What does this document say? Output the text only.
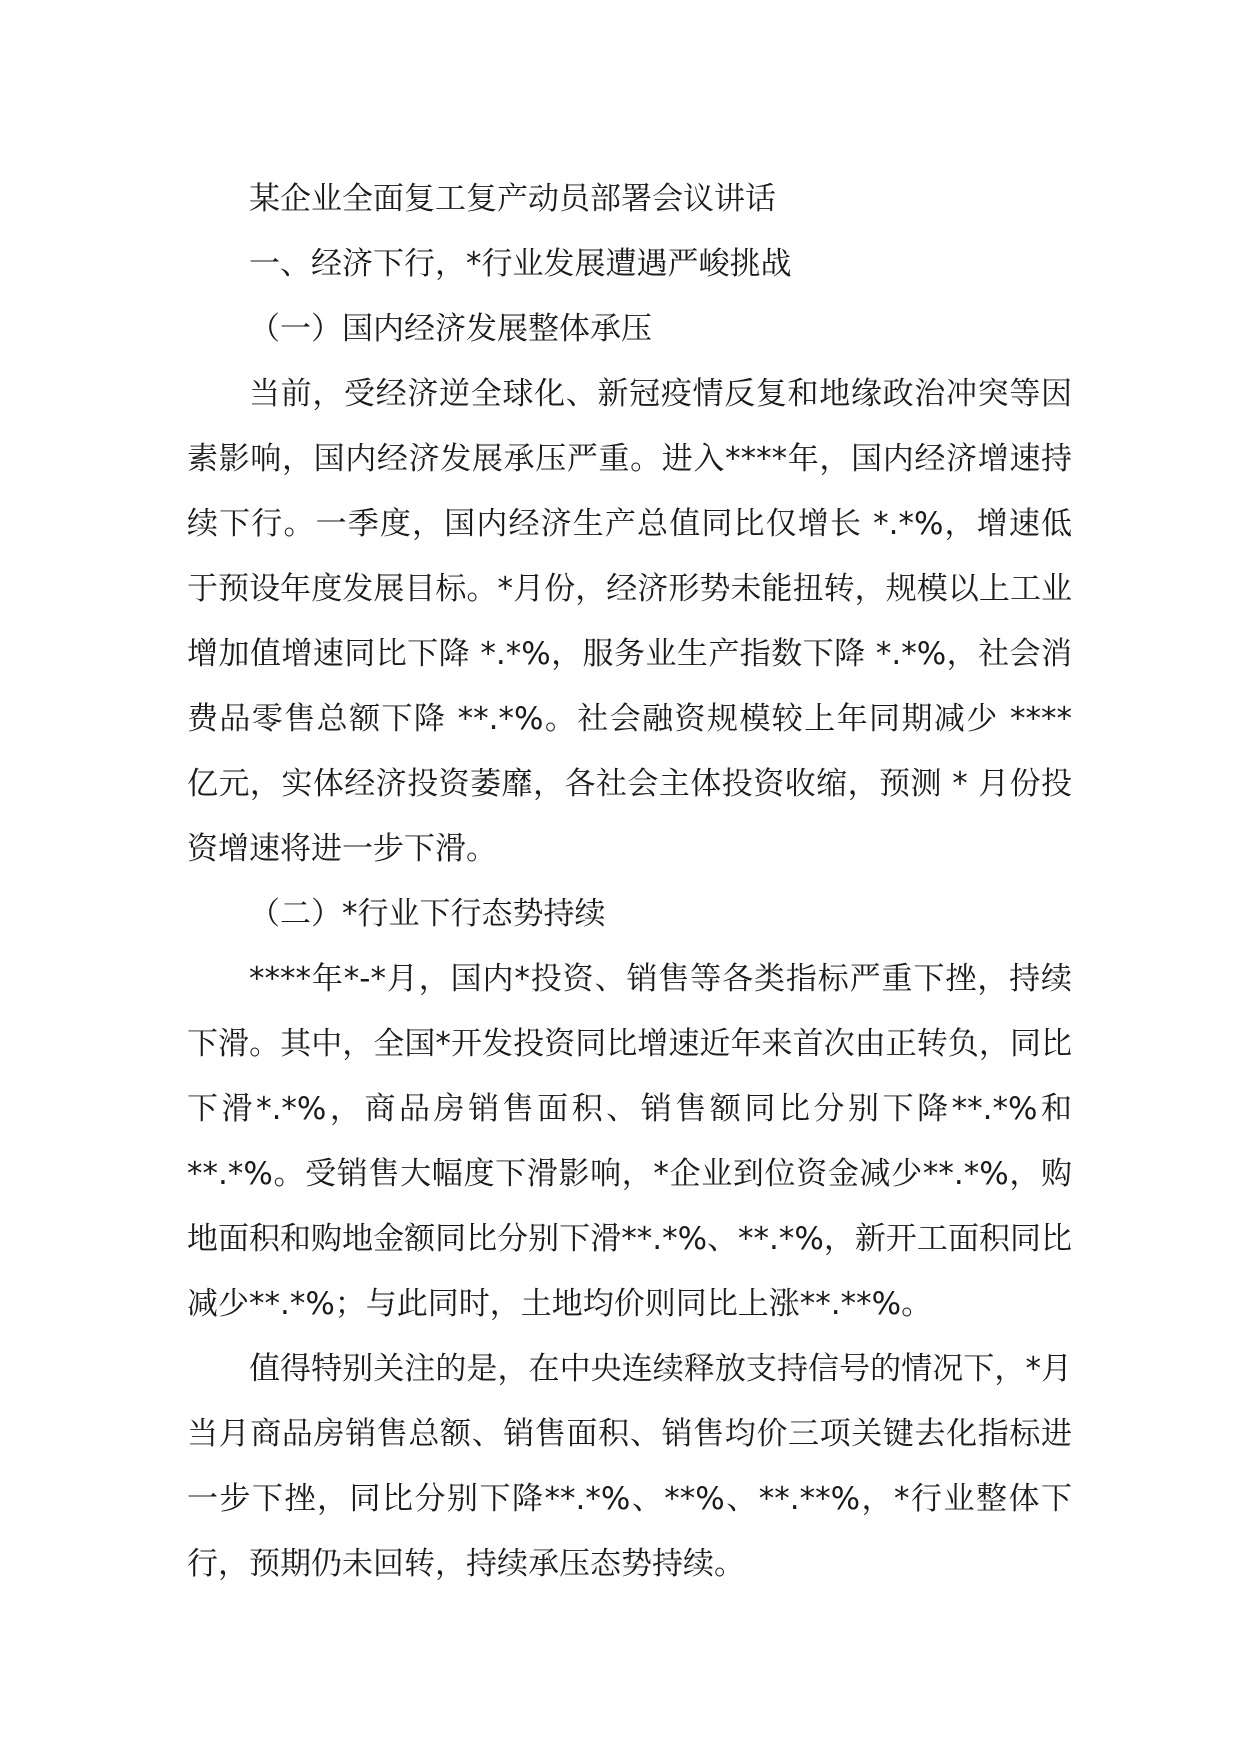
某企业全面复工复产动员部署会议讲话

一、经济下行，*行业发展遭遇严峻挑战

（一）国内经济发展整体承压

当前，受经济逆全球化、新冠疫情反复和地缘政治冲突等因素影响，国内经济发展承压严重。进入****年，国内经济增速持续下行。一季度，国内经济生产总值同比仅增长 *.*%，增速低于预设年度发展目标。*月份，经济形势未能扭转，规模以上工业增加值增速同比下降 *.*%，服务业生产指数下降 *.*%，社会消费品零售总额下降 **.*%。社会融资规模较上年同期减少 **** 亿元，实体经济投资萎靡，各社会主体投资收缩，预测 * 月份投资增速将进一步下滑。

（二）*行业下行态势持续

****年*-*月，国内*投资、销售等各类指标严重下挫，持续下滑。其中，全国*开发投资同比增速近年来首次由正转负，同比下滑*.*%，商品房销售面积、销售额同比分别下降**.*%和**.*%。受销售大幅度下滑影响，*企业到位资金减少**.*%，购地面积和购地金额同比分别下滑**.*%、**.*%，新开工面积同比减少**.*%；与此同时，土地均价则同比上涨**.**%。

值得特别关注的是，在中央连续释放支持信号的情况下，*月当月商品房销售总额、销售面积、销售均价三项关键去化指标进一步下挫，同比分别下降**.*%、**%、**.**%，*行业整体下行，预期仍未回转，持续承压态势持续。
